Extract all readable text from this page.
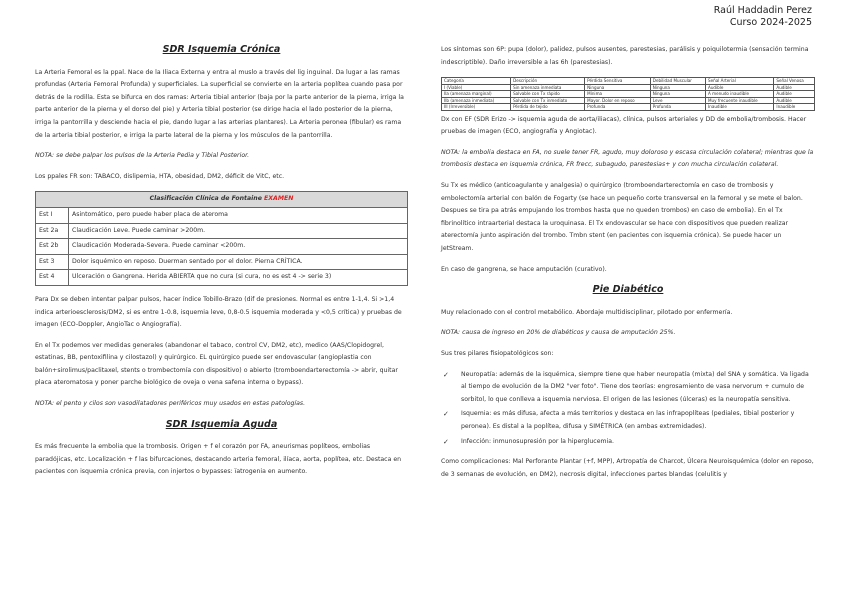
Raúl Haddadin Perez
Curso 2024-2025
SDR Isquemia Crónica

La Arteria Femoral es la ppal. Nace de la Iliaca Externa y entra al muslo a través del lig inguinal. Da lugar a las ramas profundas (Arteria Femoral Profunda) y superficiales. La superficial se convierte en la arteria poplítea cuando pasa por detrás de la rodilla. Esta se bifurca en dos ramas: Arteria tibial anterior (baja por la parte anterior de la pierna, irriga la parte anterior de la pierna y el dorso del pie) y Arteria tibial posterior (se dirige hacia el lado posterior de la pierna, irriga la pantorrilla y desciende hacia el pie, dando lugar a las arterias plantares). La Arteria peronea (fibular) es rama de la arteria tibial posterior, e irriga la parte lateral de la pierna y los músculos de la pantorrilla.

NOTA: se debe palpar los pulsos de la Arteria Pedia y Tibial Posterior.

Los ppales FR son: TABACO, dislipemia, HTA, obesidad, DM2, déficit de VitC, etc.

Clasificación Clínica de Fontaine EXAMEN	
Est I	Asintomático, pero puede haber placa de ateroma
Est 2a	Claudicación Leve. Puede caminar >200m.
Est 2b	Claudicación Moderada-Severa. Puede caminar <200m.
Est 3	Dolor isquémico en reposo. Duerman sentado por el dolor. Pierna CRÍTICA.
Est 4	Ulceración o Gangrena. Herida ABIERTA que no cura (si cura, no es est 4 -> serie 3)

Para Dx se deben intentar palpar pulsos, hacer índice Tobillo-Brazo (dif de presiones. Normal es entre 1-1,4. Si >1,4 indica arterioesclerosis/DM2, si es entre 1-0.8, isquemia leve, 0,8-0.5 isquemia moderada y <0,5 crítica) y pruebas de imagen (ECO-Doppler, AngioTac o Angiografía).

En el Tx podemos ver medidas generales (abandonar el tabaco, control CV, DM2, etc), medico (AAS/Clopidogrel, estatinas, BB, pentoxifilina y cilostazol) y quirúrgico. EL quirúrgico puede ser endovascular (angioplastia con balón+sirolimus/paclitaxel, stents o trombectomía con dispositivo) o abierto (tromboendarterectomía -> abrir, quitar placa ateromatosa y poner parche biológico de oveja o vena safena interna o bypass).

NOTA: el pento y cilos son vasodilatadores periféricos muy usados en estas patologías.

SDR Isquemia Aguda

Es más frecuente la embolia que la trombosis. Origen + f el corazón por FA, aneurismas poplíteos, embolias paradójicas, etc. Localización + f las bifurcaciones, destacando arteria femoral, ilíaca, aorta, poplítea, etc. Destaca en pacientes con isquemia crónica previa, con injertos o bypasses: ïatrogenia en aumento.

Los síntomas son 6P: pupa (dolor), palidez, pulsos ausentes, parestesias, parálisis y poiquilotermia (sensación termina indescriptible). Daño irreversible a las 6h (parestesias).

Categoría	Descripción	Pérdida Sensitiva	Debilidad Muscular	Señal Arterial	Señal Venosa
I (Viable)	Sin amenaza inmediata	Ninguna	Ninguna	Audible	Audible
IIa (amenaza marginal)	Salvable con Tx rápido	Mínima	Ninguna	A menudo inaudible	Audible
IIb (amenaza inmediata)	Salvable con Tx inmediato	Mayor. Dolor en reposo	Leve	Muy frecuente inaudible	Audible
III (Irreversible)	Pérdida de tejido	Profunda	Profunda	Inaudible	Inaudible

Dx con EF (SDR Erizo -> isquemia aguda de aorta/iliacas), clínica, pulsos arteriales y DD de embolia/trombosis. Hacer pruebas de imagen (ECO, angiografía y Angiotac).

NOTA: la embolia destaca en FA, no suele tener FR, agudo, muy doloroso y escasa circulación colateral; mientras que la trombosis destaca en isquemia crónica, FR frecc, subagudo, parestesias+ y con mucha circulación colateral.

Su Tx es médico (anticoagulante y analgesia) o quirúrgico (tromboendarterectomía en caso de trombosis y embolectomía arterial con balón de Fogarty (se hace un pequeño corte transversal en la femoral y se mete el balon. Despues se tira pa atrás empujando los trombos hasta que no queden trombos) en caso de embolia). En el Tx fibrinolítico intraarterial destaca la uroquinasa. El Tx endovascular se hace con dispositivos que pueden realizar aterectomía junto aspiración del trombo. Tmbn stent (en pacientes con isquemia crónica). Se puede hacer un JetStream.

En caso de gangrena, se hace amputación (curativo).

Pie Diabético

Muy relacionado con el control metabólico. Abordaje multidisciplinar, pilotado por enfermería.

NOTA: causa de ingreso en 20% de diabéticos y causa de amputación 25%.

Sus tres pilares fisiopatológicos son:

✓ Neuropatía: además de la isquémica, siempre tiene que haber neuropatía (mixta) del SNA y somática. Va ligada al tiempo de evolución de la DM2 "ver foto". Tiene dos teorías: engrosamiento de vasa nervorum + cumulo de sorbitol, lo que conlleva a isquemia nerviosa. El origen de las lesiones (úlceras) es la neuropatía sensitiva.
✓ Isquemia: es más difusa, afecta a más territorios y destaca en las infrapoplíteas (pediales, tibial posterior y peronea). Es distal a la poplítea, difusa y SIMÉTRICA (en ambas extremidades).
✓ Infección: inmunosupresión por la hiperglucemia.

Como complicaciones: Mal Perforante Plantar (+f, MPP), Artropatía de Charcot, Úlcera Neuroisquémica (dolor en reposo, de 3 semanas de evolución, en DM2), necrosis digital, infecciones partes blandas (celulitis y
